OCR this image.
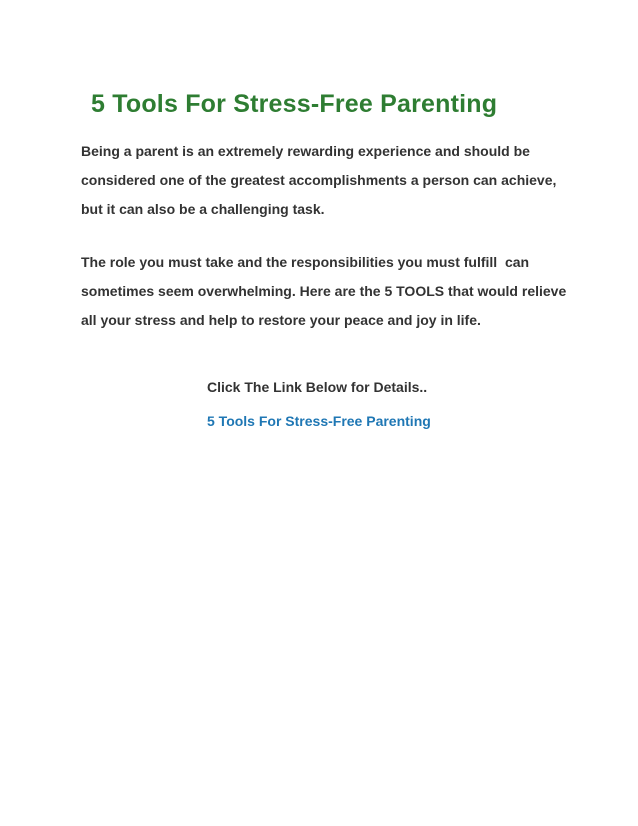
5 Tools For Stress-Free Parenting

Being a parent is an extremely rewarding experience and should be
considered one of the greatest accomplishments a person can achieve,
but it can also be a challenging task.

The role you must take and the responsibilities you must fulfill  can
sometimes seem overwhelming. Here are the 5 TOOLS that would relieve
all your stress and help to restore your peace and joy in life.

Click The Link Below for Details..

5 Tools For Stress-Free Parenting
